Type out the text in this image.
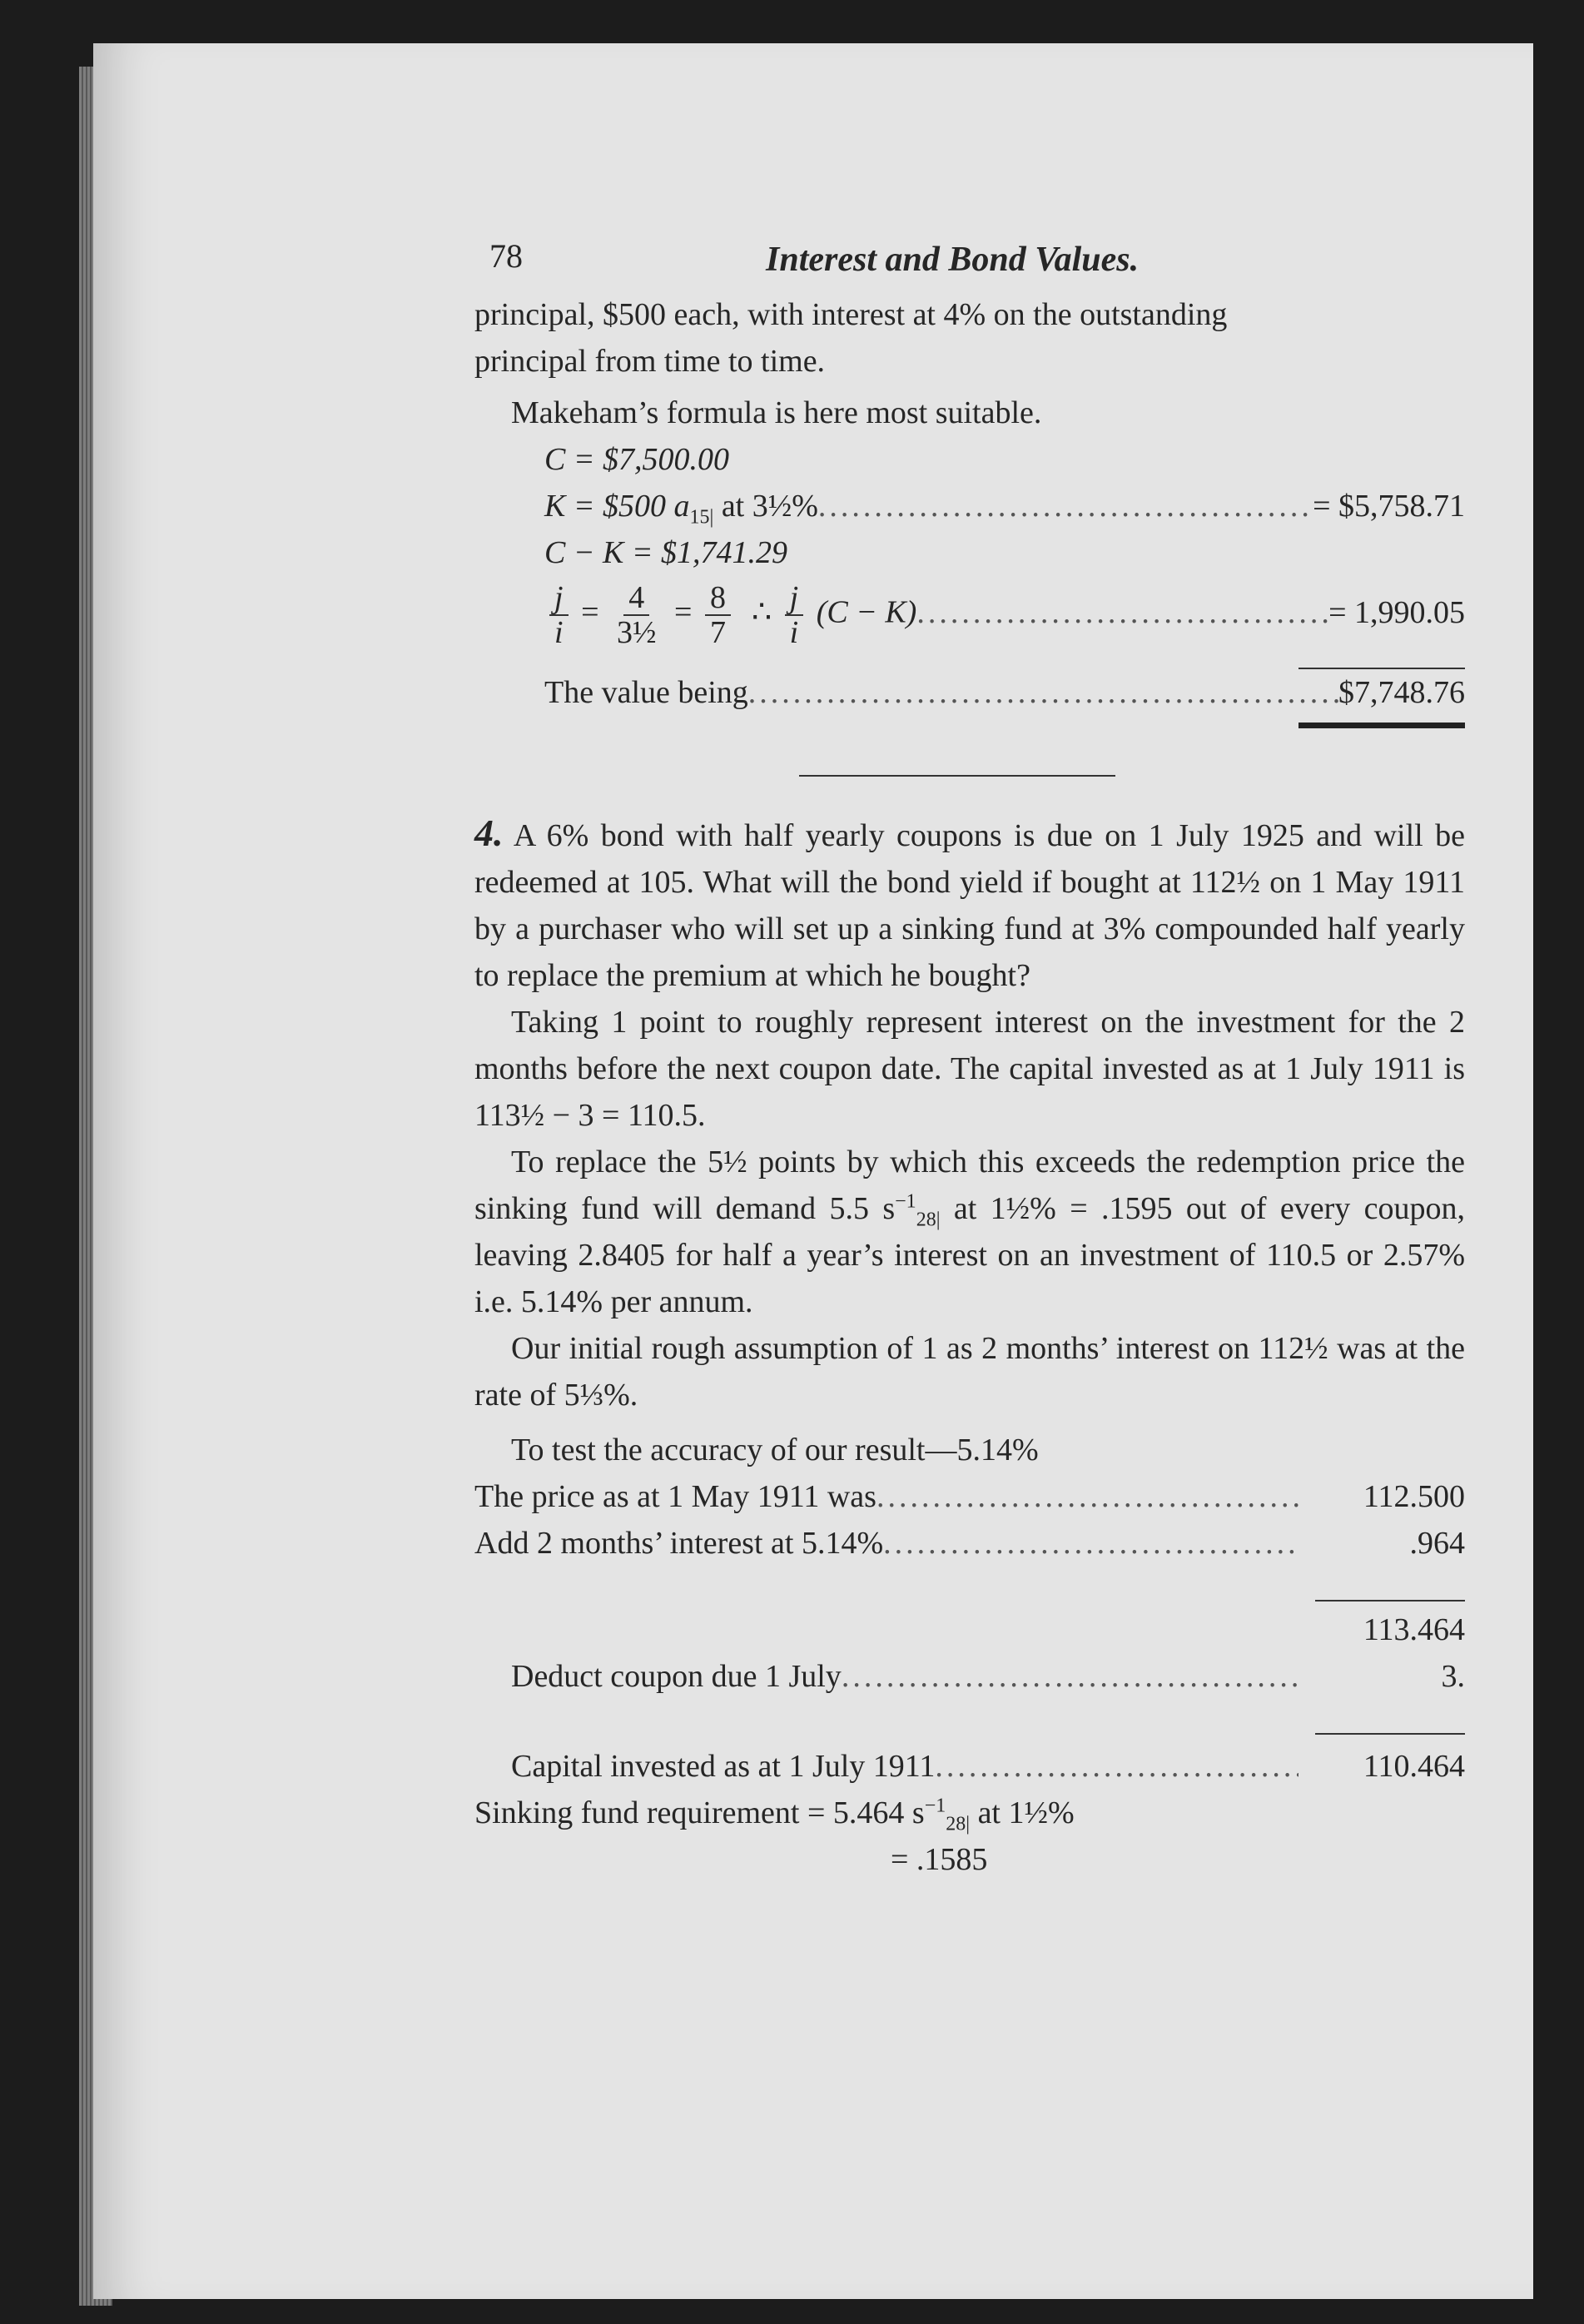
78	Interest and Bond Values.

principal, $500 each, with interest at 4% on the outstanding

principal from time to time.

Makeham’s formula is here most suitable.

C = $7,500.00
K = $500 $a_{15|}$ at 3½% .....	= $5,758.71
C − K = $1,741.29
$\frac{j}{i} = \frac{4}{\text{3½}} = \frac{8}{7}$ ∴ $\frac{j}{i} (C - K)$ .....	= 1,990.05
The value being .....	$7,748.76

4. A 6% bond with half yearly coupons is due on 1 July 1925 and will be redeemed at 105. What will the bond yield if bought at 112½ on 1 May 1911 by a purchaser who will set up a sinking fund at 3% compounded half yearly to replace the premium at which he bought?

Taking 1 point to roughly represent interest on the investment for the 2 months before the next coupon date. The capital invested as at 1 July 1911 is 113½ − 3 = 110.5.

To replace the 5½ points by which this exceeds the redemption price the sinking fund will demand 5.5 $s^{-1}_{28|}$ at 1½% = .1595 out of every coupon, leaving 2.8405 for half a year’s interest on an investment of 110.5 or 2.57% i.e. 5.14% per annum.

Our initial rough assumption of 1 as 2 months’ interest on 112½ was at the rate of 5⅓%.

To test the accuracy of our result—5.14%

The price as at 1 May 1911 was .....	112.500
Add 2 months’ interest at 5.14% .....	.964
113.464
Deduct coupon due 1 July .....	3.
Capital invested as at 1 July 1911 .....	110.464
Sinking fund requirement = 5.464 $s^{-1}_{28|}$ at 1½%
= .1585
